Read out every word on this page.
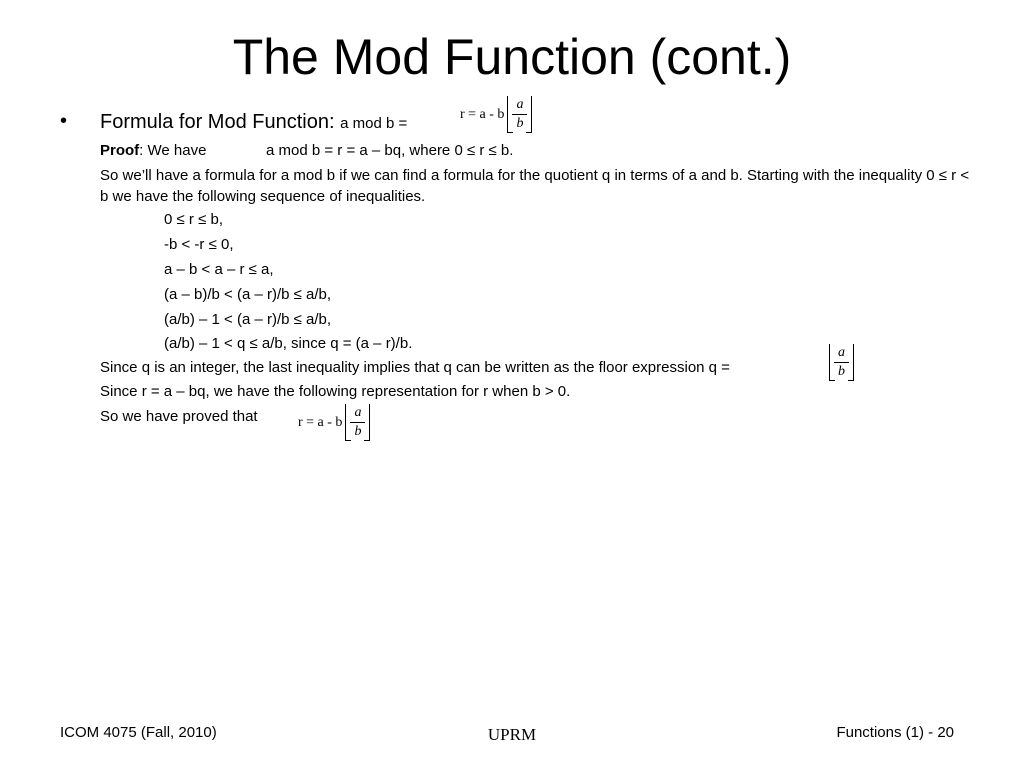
The Mod Function (cont.)
• Formula for Mod Function: a mod b =
r = a - b $\frac{a}{b}$
Proof: We have	a mod b = r = a – bq, where 0 ≤ r ≤ b.
So we’ll have a formula for a mod b if we can find a formula for the quotient q in terms of a and b. Starting with the inequality 0 ≤ r < b we have the following sequence of inequalities.
0 ≤ r ≤ b,
-b < -r ≤ 0,
a – b < a – r ≤ a,
(a – b)/b < (a – r)/b ≤ a/b,
(a/b) – 1 < (a – r)/b ≤ a/b,
(a/b) – 1 < q ≤ a/b, since q = (a – r)/b.
Since q is an integer, the last inequality implies that q can be written as the floor expression q =	$\frac{a}{b}$
Since r = a – bq, we have the following representation for r when b > 0.
So we have proved that	r = a - b $\frac{a}{b}$
ICOM 4075 (Fall, 2010)	UPRM	Functions (1) - 20
